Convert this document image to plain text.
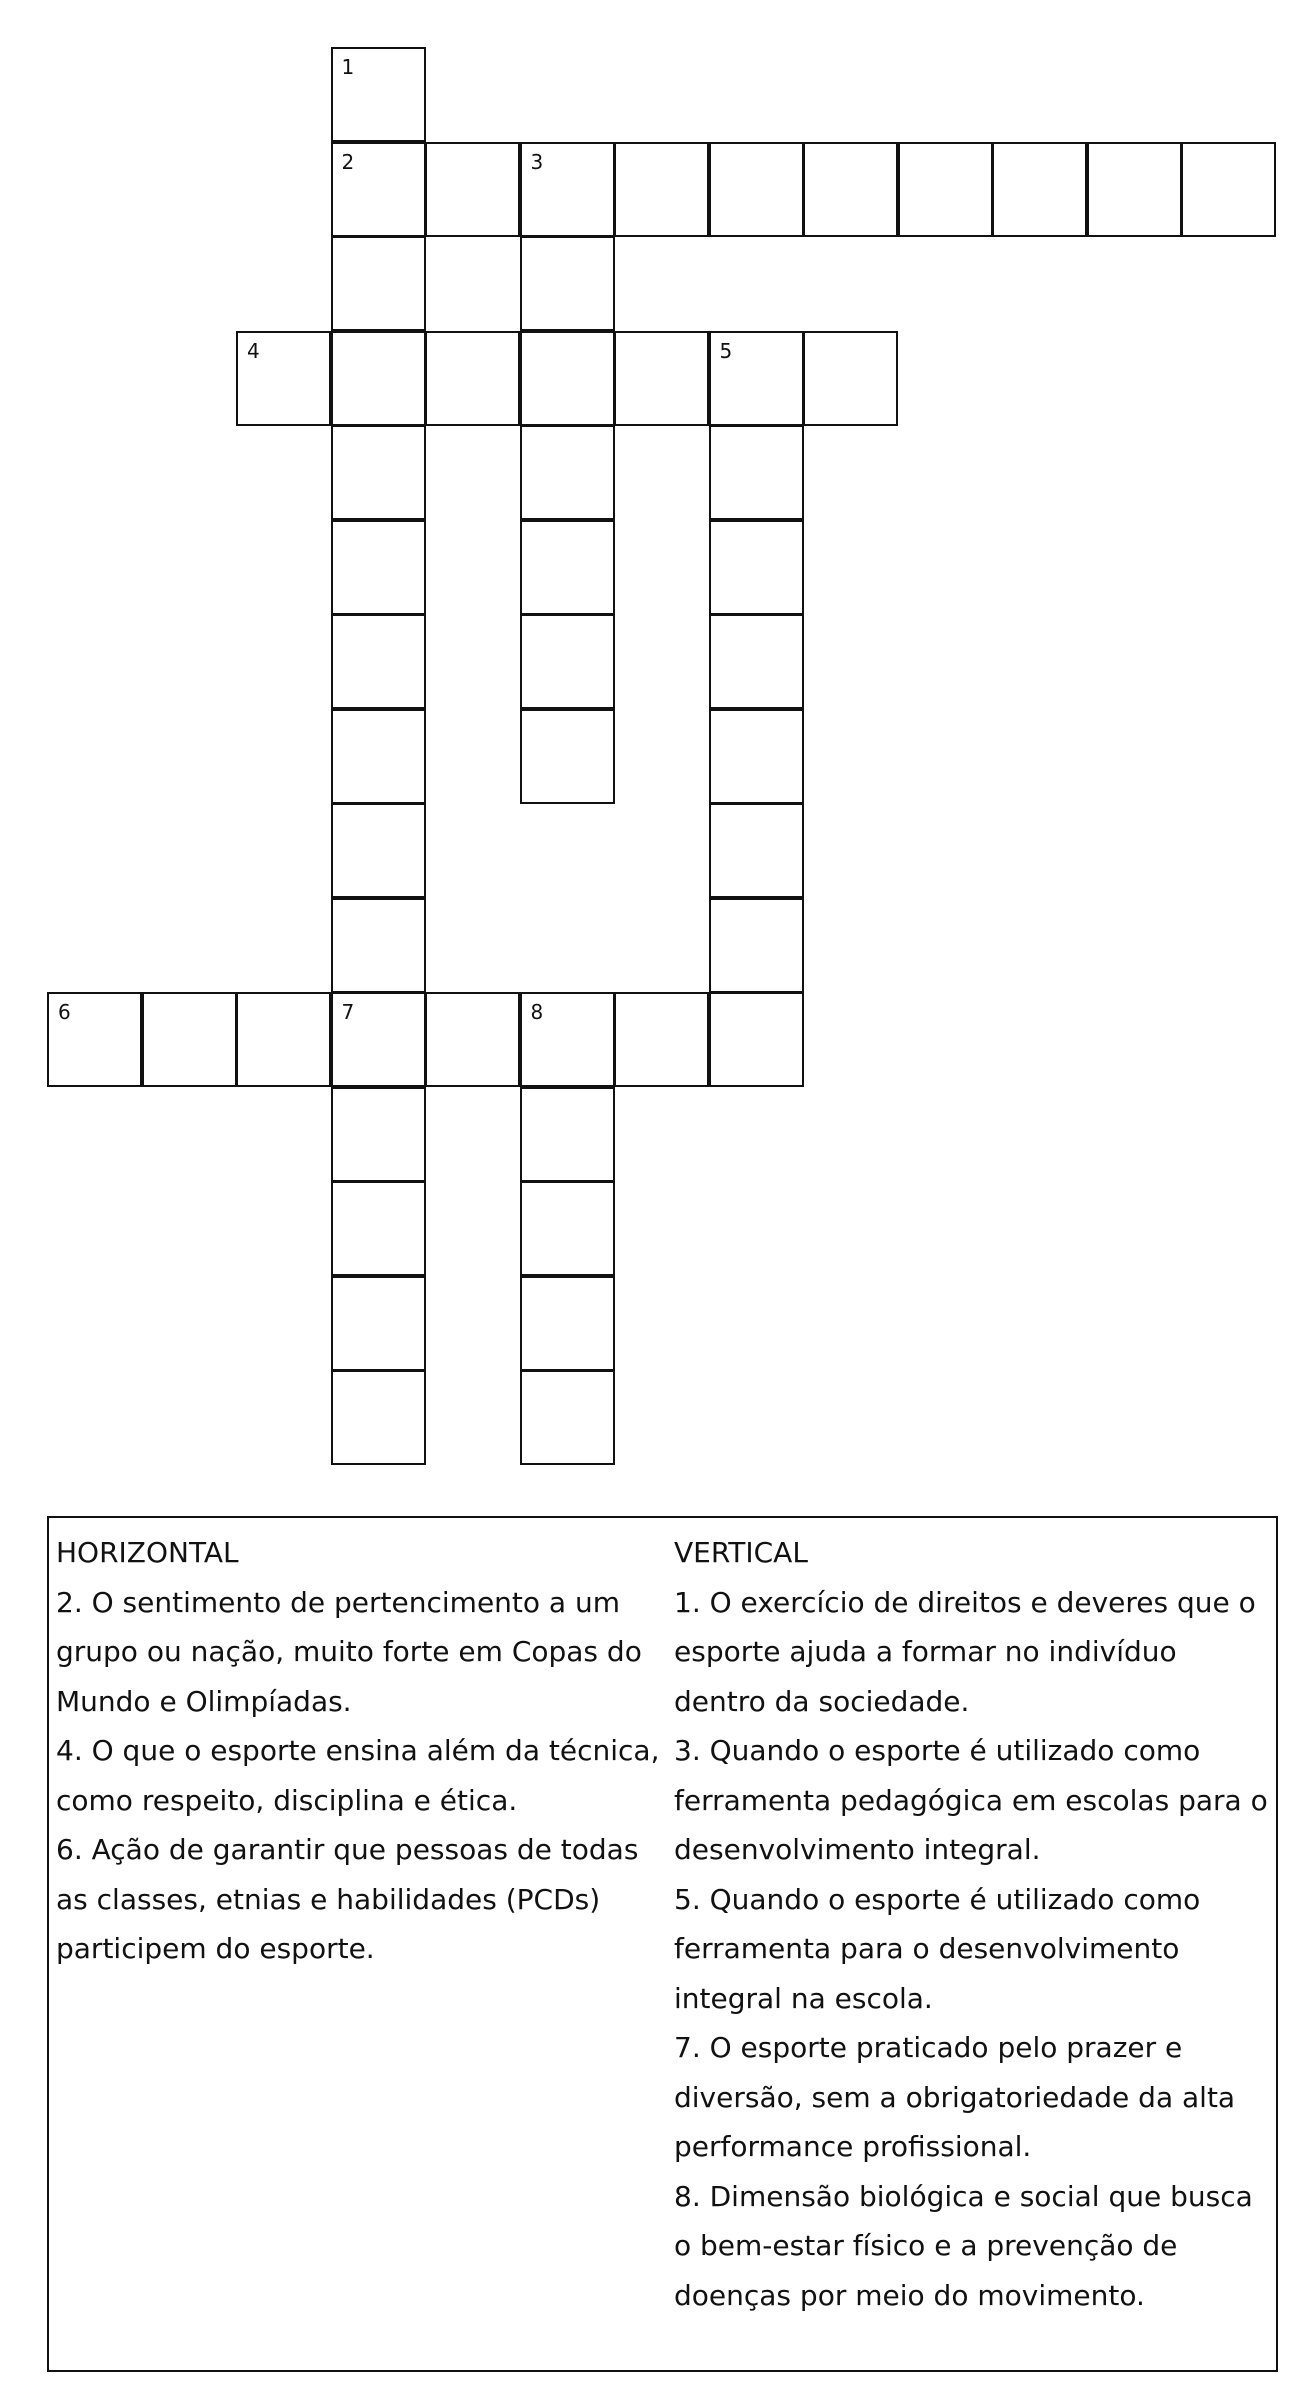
1
2	3
4	5
6	7	8
HORIZONTAL
2. O sentimento de pertencimento a um grupo ou nação, muito forte em Copas do Mundo e Olimpíadas.
4. O que o esporte ensina além da técnica, como respeito, disciplina e ética.
6. Ação de garantir que pessoas de todas as classes, etnias e habilidades (PCDs) participem do esporte.
VERTICAL
1. O exercício de direitos e deveres que o esporte ajuda a formar no indivíduo dentro da sociedade.
3. Quando o esporte é utilizado como ferramenta pedagógica em escolas para o desenvolvimento integral.
5. Quando o esporte é utilizado como ferramenta para o desenvolvimento integral na escola.
7. O esporte praticado pelo prazer e diversão, sem a obrigatoriedade da alta performance profissional.
8. Dimensão biológica e social que busca o bem-estar físico e a prevenção de doenças por meio do movimento.
